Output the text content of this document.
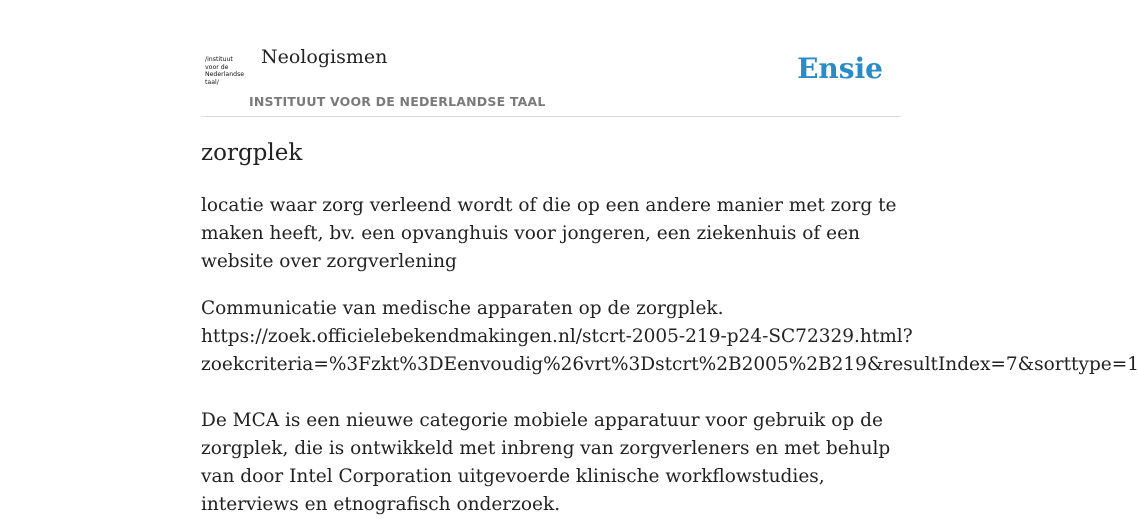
/instituut
voor de
Nederlandse
taal/
Neologismen
INSTITUUT VOOR DE NEDERLANDSE TAAL
Ensie
zorgplek

locatie waar zorg verleend wordt of die op een andere manier met zorg te maken heeft, bv. een opvanghuis voor jongeren, een ziekenhuis of een website over zorgverlening

Communicatie van medische apparaten op de zorgplek.
https://zoek.officielebekendmakingen.nl/stcrt-2005-219-p24-SC72329.html?
zoekcriteria=%3Fzkt%3DEenvoudig%26vrt%3Dstcrt%2B2005%2B219&resultIndex=7&sorttype=1

De MCA is een nieuwe categorie mobiele apparatuur voor gebruik op de zorgplek, die is ontwikkeld met inbreng van zorgverleners en met behulp van door Intel Corporation uitgevoerde klinische workflowstudies, interviews en etnografisch onderzoek.
